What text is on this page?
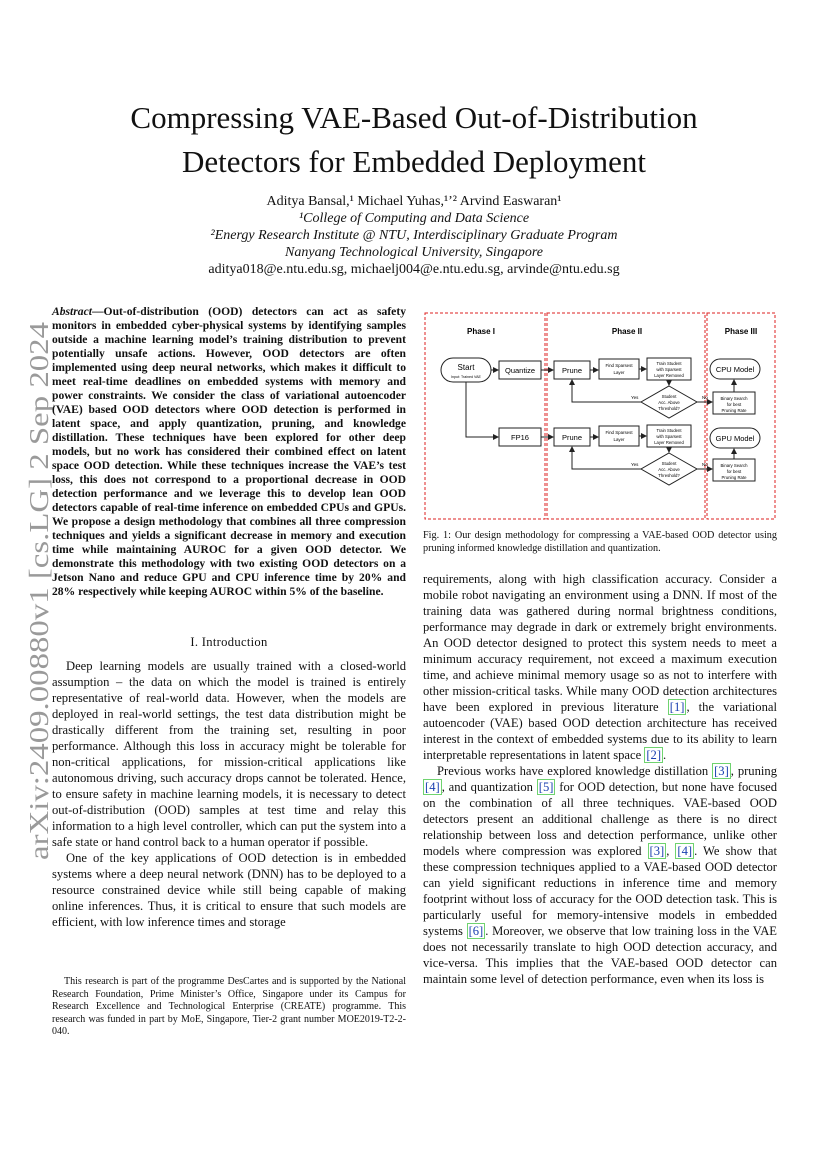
arXiv:2409.00880v1 [cs.LG] 2 Sep 2024
Compressing VAE-Based Out-of-Distribution
Detectors for Embedded Deployment
Aditya Bansal,¹ Michael Yuhas,¹ʼ² Arvind Easwaran¹
¹College of Computing and Data Science
²Energy Research Institute @ NTU, Interdisciplinary Graduate Program
Nanyang Technological University, Singapore
aditya018@e.ntu.edu.sg, michaelj004@e.ntu.edu.sg, arvinde@ntu.edu.sg
Abstract—Out-of-distribution (OOD) detectors can act as safety monitors in embedded cyber-physical systems by identifying samples outside a machine learning model’s training distribution to prevent potentially unsafe actions. However, OOD detectors are often implemented using deep neural networks, which makes it difficult to meet real-time deadlines on embedded systems with memory and power constraints. We consider the class of variational autoencoder (VAE) based OOD detectors where OOD detection is performed in latent space, and apply quantization, pruning, and knowledge distillation. These techniques have been explored for other deep models, but no work has considered their combined effect on latent space OOD detection. While these techniques increase the VAE’s test loss, this does not correspond to a proportional decrease in OOD detection performance and we leverage this to develop lean OOD detectors capable of real-time inference on embedded CPUs and GPUs. We propose a design methodology that combines all three compression techniques and yields a significant decrease in memory and execution time while maintaining AUROC for a given OOD detector. We demonstrate this methodology with two existing OOD detectors on a Jetson Nano and reduce GPU and CPU inference time by 20% and 28% respectively while keeping AUROC within 5% of the baseline.
I. Introduction

Deep learning models are usually trained with a closed-world assumption – the data on which the model is trained is entirely representative of real-world data. However, when the models are deployed in real-world settings, the test data distribution might be drastically different from the training set, resulting in poor performance. Although this loss in accuracy might be tolerable for non-critical applications, for mission-critical applications like autonomous driving, such accuracy drops cannot be tolerated. Hence, to ensure safety in machine learning models, it is necessary to detect out-of-distribution (OOD) samples at test time and relay this information to a high level controller, which can put the system into a safe state or hand control back to a human operator if possible.

One of the key applications of OOD detection is in embedded systems where a deep neural network (DNN) has to be deployed to a resource constrained device while still being capable of making online inferences. Thus, it is critical to ensure that such models are efficient, with low inference times and storage

This research is part of the programme DesCartes and is supported by the National Research Foundation, Prime Minister’s Office, Singapore under its Campus for Research Excellence and Technological Enterprise (CREATE) programme. This research was funded in part by MoE, Singapore, Tier-2 grant number MOE2019-T2-2-040.

Phase I	Phase II	Phase III
Start
Input: Trained VAE
Quantize
FP16
Prune
Prune
Find Sparsest
Layer
Find Sparsest
Layer
Train Student
with Sparsest
Layer Removed
Train Student
with Sparsest
Layer Removed
Student
Acc. Above
Threshold?
Student
Acc. Above
Threshold?
Yes
Yes
No
No
Binary Search
for best
Pruning Rate
Binary Search
for best
Pruning Rate
CPU Model
GPU Model
Fig. 1: Our design methodology for compressing a VAE-based OOD detector using pruning informed knowledge distillation and quantization.

requirements, along with high classification accuracy. Consider a mobile robot navigating an environment using a DNN. If most of the training data was gathered during normal brightness conditions, performance may degrade in dark or extremely bright environments. An OOD detector designed to protect this system needs to meet a minimum accuracy requirement, not exceed a maximum execution time, and achieve minimal memory usage so as not to interfere with other mission-critical tasks. While many OOD detection architectures have been explored in previous literature [1] , the variational autoencoder (VAE) based OOD detection architecture has received interest in the context of embedded systems due to its ability to learn interpretable representations in latent space [2] .

Previous works have explored knowledge distillation [3] , pruning [4] , and quantization [5] for OOD detection, but none have focused on the combination of all three techniques. VAE-based OOD detectors present an additional challenge as there is no direct relationship between loss and detection performance, unlike other models where compression was explored [3] , [4] . We show that these compression techniques applied to a VAE-based OOD detector can yield significant reductions in inference time and memory footprint without loss of accuracy for the OOD detection task. This is particularly useful for memory-intensive models in embedded systems [6] . Moreover, we observe that low training loss in the VAE does not necessarily translate to high OOD detection accuracy, and vice-versa. This implies that the VAE-based OOD detector can maintain some level of detection performance, even when its loss is
